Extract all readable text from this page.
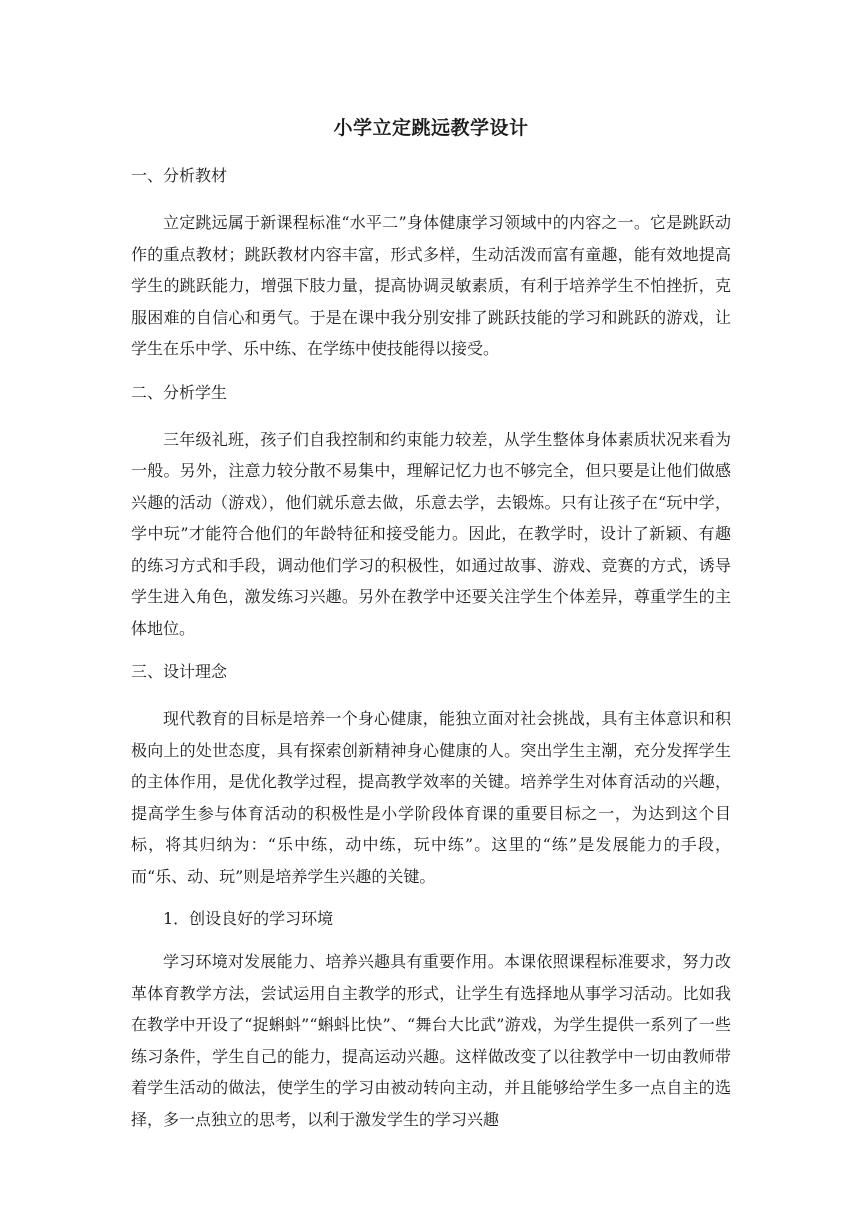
小学立定跳远教学设计
一、分析教材

立定跳远属于新课程标准“水平二”身体健康学习领域中的内容之一。它是跳跃动作的重点教材；跳跃教材内容丰富，形式多样，生动活泼而富有童趣，能有效地提高学生的跳跃能力，增强下肢力量，提高协调灵敏素质，有利于培养学生不怕挫折，克服困难的自信心和勇气。于是在课中我分别安排了跳跃技能的学习和跳跃的游戏，让学生在乐中学、乐中练、在学练中使技能得以接受。

二、分析学生

三年级礼班，孩子们自我控制和约束能力较差，从学生整体身体素质状况来看为一般。另外，注意力较分散不易集中，理解记忆力也不够完全，但只要是让他们做感兴趣的活动（游戏），他们就乐意去做，乐意去学，去锻炼。只有让孩子在“玩中学，学中玩”才能符合他们的年龄特征和接受能力。因此，在教学时，设计了新颖、有趣的练习方式和手段，调动他们学习的积极性，如通过故事、游戏、竞赛的方式，诱导学生进入角色，激发练习兴趣。另外在教学中还要关注学生个体差异，尊重学生的主体地位。

三、设计理念

现代教育的目标是培养一个身心健康，能独立面对社会挑战，具有主体意识和积极向上的处世态度，具有探索创新精神身心健康的人。突出学生主潮，充分发挥学生的主体作用，是优化教学过程，提高教学效率的关键。培养学生对体育活动的兴趣，提高学生参与体育活动的积极性是小学阶段体育课的重要目标之一，为达到这个目标，将其归纳为：“乐中练，动中练，玩中练”。这里的“练”是发展能力的手段，而“乐、动、玩”则是培养学生兴趣的关键。

1．创设良好的学习环境

学习环境对发展能力、培养兴趣具有重要作用。本课依照课程标准要求，努力改革体育教学方法，尝试运用自主教学的形式，让学生有选择地从事学习活动。比如我在教学中开设了“捉蝌蚪”“蝌蚪比快”、“舞台大比武”游戏，为学生提供一系列了一些练习条件，学生自己的能力，提高运动兴趣。这样做改变了以往教学中一切由教师带着学生活动的做法，使学生的学习由被动转向主动，并且能够给学生多一点自主的选择，多一点独立的思考，以利于激发学生的学习兴趣
